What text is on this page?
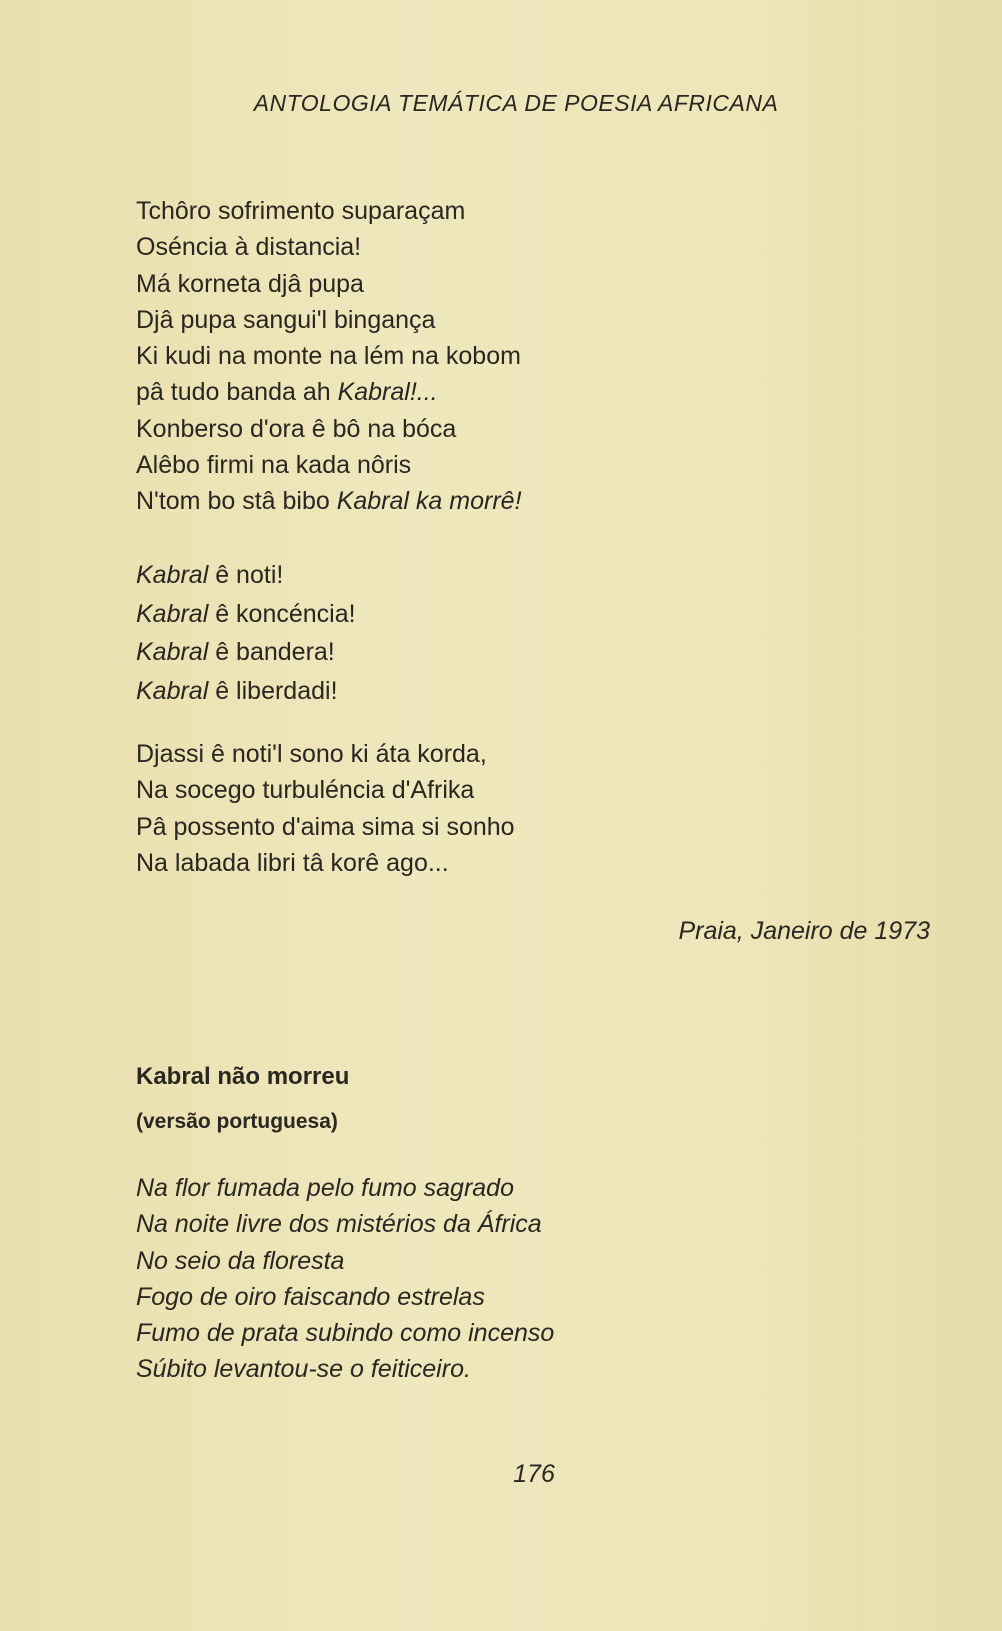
ANTOLOGIA TEMÁTICA DE POESIA AFRICANA
Tchôro sofrimento suparaçam
Oséncia à distancia!
Má korneta djâ pupa
Djâ pupa sangui'l bingança
Ki kudi na monte na lém na kobom
pâ tudo banda ah Kabral!...
Konberso d'ora ê bô na bóca
Alêbo firmi na kada nôris
N'tom bo stâ bibo Kabral ka morrê!
Kabral ê noti!
Kabral ê koncéncia!
Kabral ê bandera!
Kabral ê liberdadi!
Djassi ê noti'l sono ki áta korda,
Na socego turbuléncia d'Afrika
Pâ possento d'aima sima si sonho
Na labada libri tâ korê ago...
Praia, Janeiro de 1973
Kabral não morreu
(versão portuguesa)
Na flor fumada pelo fumo sagrado
Na noite livre dos mistérios da África
No seio da floresta
Fogo de oiro faiscando estrelas
Fumo de prata subindo como incenso
Súbito levantou-se o feiticeiro.
176
